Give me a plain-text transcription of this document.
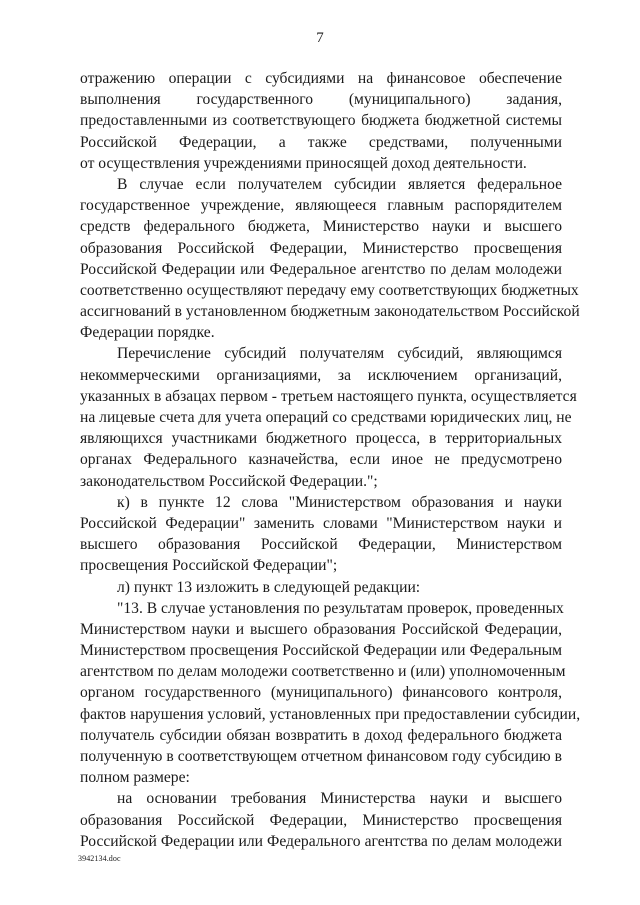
7
отражению операции с субсидиями на финансовое обеспечение
выполнения государственного (муниципального) задания,
предоставленными из соответствующего бюджета бюджетной системы
Российской Федерации, а также средствами, полученными
от осуществления учреждениями приносящей доход деятельности.
В случае если получателем субсидии является федеральное
государственное учреждение, являющееся главным распорядителем
средств федерального бюджета, Министерство науки и высшего
образования Российской Федерации, Министерство просвещения
Российской Федерации или Федеральное агентство по делам молодежи
соответственно осуществляют передачу ему соответствующих бюджетных
ассигнований в установленном бюджетным законодательством Российской
Федерации порядке.
Перечисление субсидий получателям субсидий, являющимся
некоммерческими организациями, за исключением организаций,
указанных в абзацах первом - третьем настоящего пункта, осуществляется
на лицевые счета для учета операций со средствами юридических лиц, не
являющихся участниками бюджетного процесса, в территориальных
органах Федерального казначейства, если иное не предусмотрено
законодательством Российской Федерации.";
к) в пункте 12 слова "Министерством образования и науки
Российской Федерации" заменить словами "Министерством науки и
высшего образования Российской Федерации, Министерством
просвещения Российской Федерации";
л) пункт 13 изложить в следующей редакции:
"13. В случае установления по результатам проверок, проведенных
Министерством науки и высшего образования Российской Федерации,
Министерством просвещения Российской Федерации или Федеральным
агентством по делам молодежи соответственно и (или) уполномоченным
органом государственного (муниципального) финансового контроля,
фактов нарушения условий, установленных при предоставлении субсидии,
получатель субсидии обязан возвратить в доход федерального бюджета
полученную в соответствующем отчетном финансовом году субсидию в
полном размере:
на основании требования Министерства науки и высшего
образования Российской Федерации, Министерство просвещения
Российской Федерации или Федерального агентства по делам молодежи
3942134.doc
